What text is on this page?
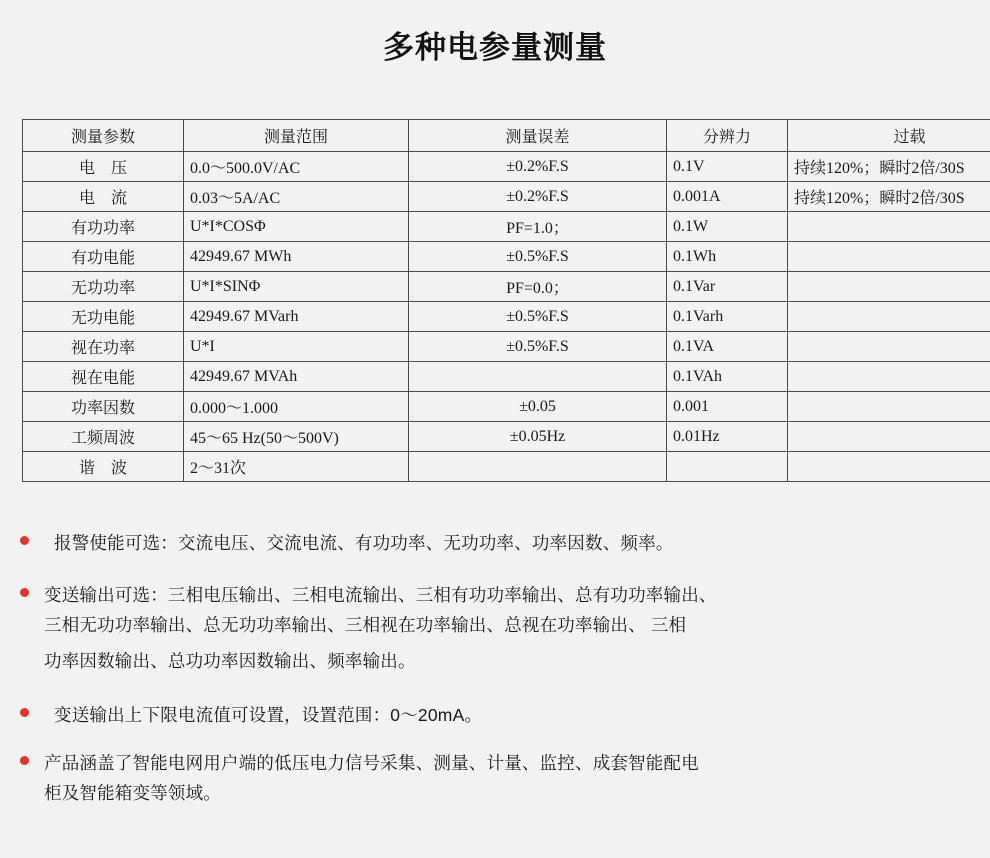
多种电参量测量
测量参数	测量范围	测量误差	分辨力	过载
电　压	0.0～500.0V/AC	±0.2%F.S	0.1V	持续120%；瞬时2倍/30S
电　流	0.03～5A/AC	±0.2%F.S	0.001A	持续120%；瞬时2倍/30S
有功功率	U*I*COSΦ	PF=1.0；	0.1W	
有功电能	42949.67 MWh	±0.5%F.S	0.1Wh	
无功功率	U*I*SINΦ	PF=0.0；	0.1Var	
无功电能	42949.67 MVarh	±0.5%F.S	0.1Varh	
视在功率	U*I	±0.5%F.S	0.1VA	
视在电能	42949.67 MVAh		0.1VAh	
功率因数	0.000～1.000	±0.05	0.001	
工频周波	45～65 Hz(50～500V)	±0.05Hz	0.01Hz	
谐　波	2～31次			
报警使能可选：交流电压、交流电流、有功功率、无功功率、功率因数、频率。
变送输出可选：三相电压输出、三相电流输出、三相有功功率输出、总有功功率输出、
三相无功功率输出、总无功功率输出、三相视在功率输出、总视在功率输出、 三相
功率因数输出、总功功率因数输出、频率输出。
变送输出上下限电流值可设置，设置范围：0～20mA。
产品涵盖了智能电网用户端的低压电力信号采集、测量、计量、监控、成套智能配电
柜及智能箱变等领域。
